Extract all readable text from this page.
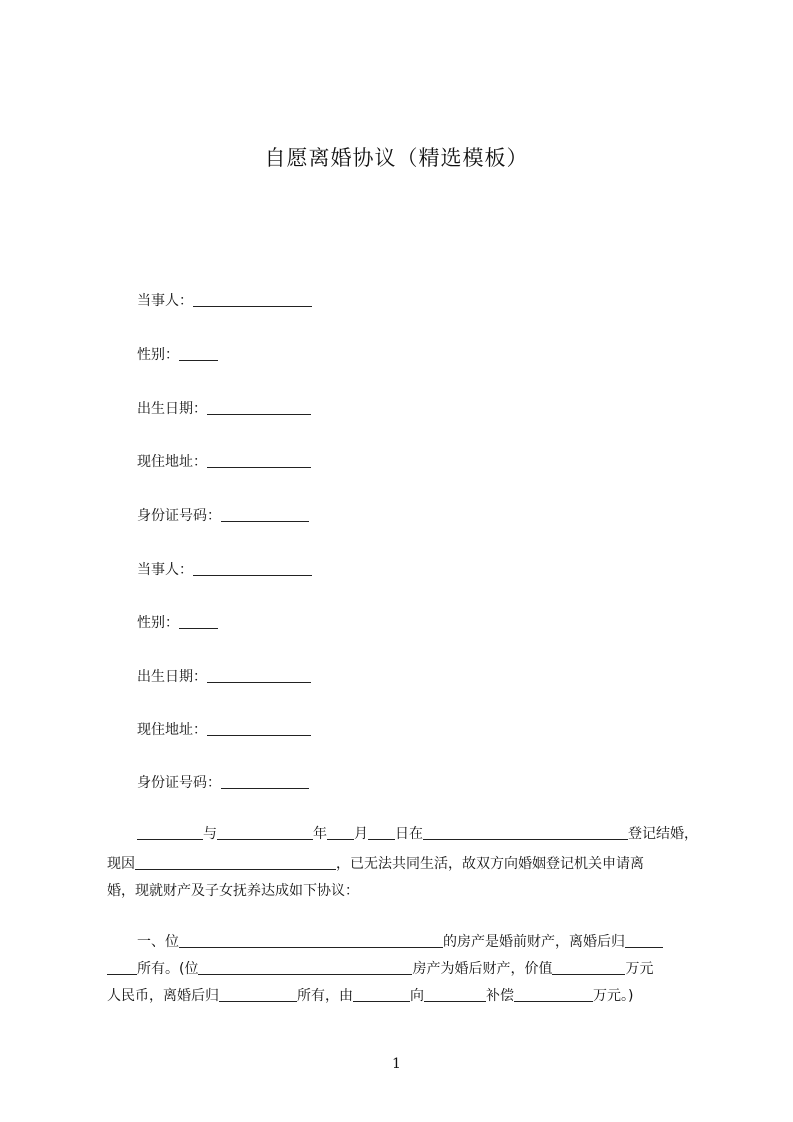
自愿离婚协议（精选模板）
当事人：
性别：
出生日期：
现住地址：
身份证号码：
当事人：
性别：
出生日期：
现住地址：
身份证号码：
与	年 月 日在	登记结婚，
现因	，已无法共同生活，故双方向婚姻登记机关申请离
婚，现就财产及子女抚养达成如下协议：
一、位	的房产是婚前财产，离婚后归
所有。(位	房产为婚后财产，价值	万元
人民币，离婚后归	所有，由	向	补偿	万元。)
1
